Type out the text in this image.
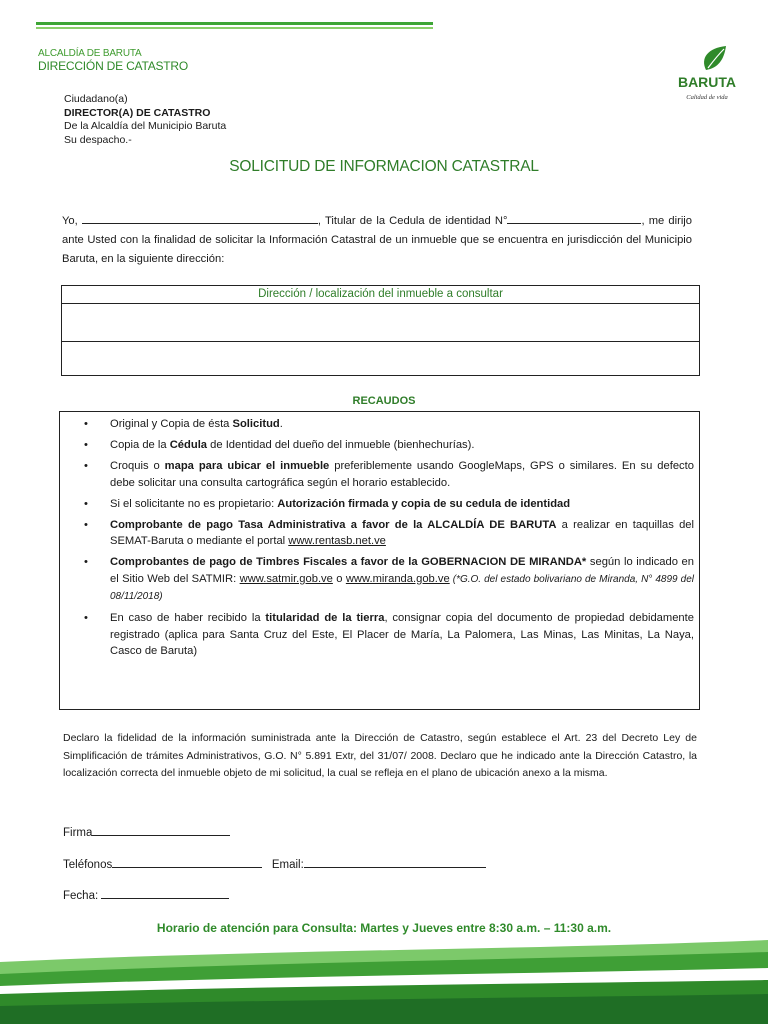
ALCALDÍA DE BARUTA
DIRECCIÓN DE CATASTRO
BARUTA
Calidad de vida
Ciudadano(a)
DIRECTOR(A) DE CATASTRO
De la Alcaldía del Municipio Baruta
Su despacho.-
SOLICITUD DE INFORMACION CATASTRAL
Yo,	, Titular de la Cedula de identidad N°	, me dirijo ante Usted con la finalidad de solicitar la Información Catastral de un inmueble que se encuentra en jurisdicción del Municipio Baruta, en la siguiente dirección:
Dirección / localización del inmueble a consultar
RECAUDOS
• Original y Copia de ésta Solicitud.
• Copia de la Cédula de Identidad del dueño del inmueble (bienhechurías).
• Croquis o mapa para ubicar el inmueble preferiblemente usando GoogleMaps, GPS o similares. En su defecto debe solicitar una consulta cartográfica según el horario establecido.
• Si el solicitante no es propietario: Autorización firmada y copia de su cedula de identidad
• Comprobante de pago Tasa Administrativa a favor de la ALCALDÍA DE BARUTA a realizar en taquillas del SEMAT-Baruta o mediante el portal www.rentasb.net.ve
• Comprobantes de pago de Timbres Fiscales a favor de la GOBERNACION DE MIRANDA* según lo indicado en el Sitio Web del SATMIR: www.satmir.gob.ve o www.miranda.gob.ve (*G.O. del estado bolivariano de Miranda, N° 4899 del 08/11/2018)
• En caso de haber recibido la titularidad de la tierra, consignar copia del documento de propiedad debidamente registrado (aplica para Santa Cruz del Este, El Placer de María, La Palomera, Las Minas, Las Minitas, La Naya, Casco de Baruta)
Declaro la fidelidad de la información suministrada ante la Dirección de Catastro, según establece el Art. 23 del Decreto Ley de Simplificación de trámites Administrativos, G.O. N° 5.891 Extr, del 31/07/ 2008. Declaro que he indicado ante la Dirección Catastro, la localización correcta del inmueble objeto de mi solicitud, la cual se refleja en el plano de ubicación anexo a la misma.
Firma
Teléfonos	Email:
Fecha:
Horario de atención para Consulta: Martes y Jueves entre 8:30 a.m. – 11:30 a.m.
